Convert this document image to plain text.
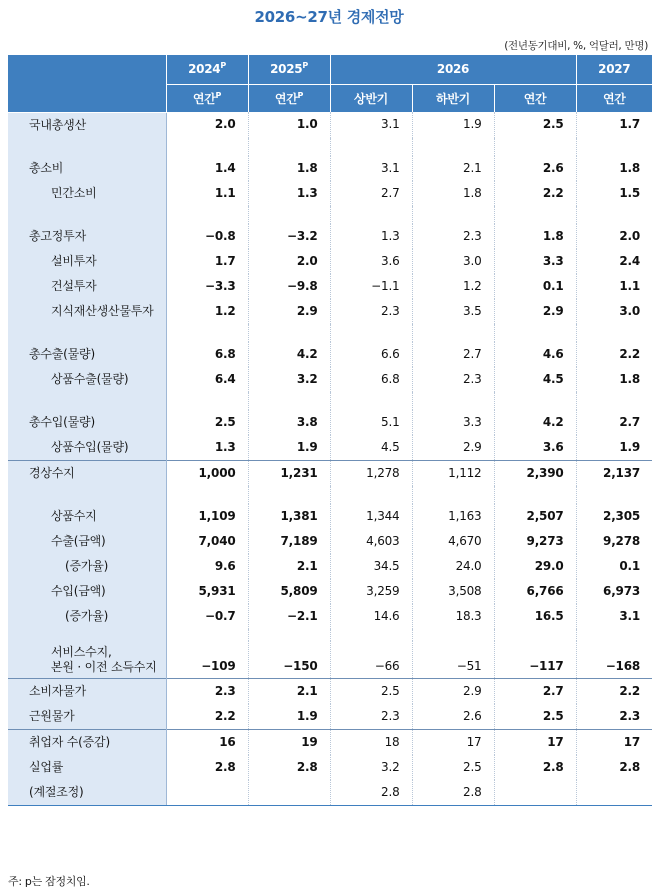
2026~27년 경제전망
(전년동기대비, %, 억달러, 만명)
	$2024^P$	$2025^P$	2026			2027
	연간$^P$	연간$^P$	상반기	하반기	연간	연간
국내총생산	2.0	1.0	3.1	1.9	2.5	1.7

총소비	1.4	1.8	3.1	2.1	2.6	1.8
민간소비	1.1	1.3	2.7	1.8	2.2	1.5

총고정투자	−0.8	−3.2	1.3	2.3	1.8	2.0
설비투자	1.7	2.0	3.6	3.0	3.3	2.4
건설투자	−3.3	−9.8	−1.1	1.2	0.1	1.1
지식재산생산물투자	1.2	2.9	2.3	3.5	2.9	3.0

총수출(물량)	6.8	4.2	6.6	2.7	4.6	2.2
상품수출(물량)	6.4	3.2	6.8	2.3	4.5	1.8

총수입(물량)	2.5	3.8	5.1	3.3	4.2	2.7
상품수입(물량)	1.3	1.9	4.5	2.9	3.6	1.9
경상수지	1,000	1,231	1,278	1,112	2,390	2,137

상품수지	1,109	1,381	1,344	1,163	2,507	2,305
수출(금액)	7,040	7,189	4,603	4,670	9,273	9,278
(증가율)	9.6	2.1	34.5	24.0	29.0	0.1
수입(금액)	5,931	5,809	3,259	3,508	6,766	6,973
(증가율)	−0.7	−2.1	14.6	18.3	16.5	3.1

서비스수지,
본원 · 이전 소득수지	−109	−150	−66	−51	−117	−168
소비자물가	2.3	2.1	2.5	2.9	2.7	2.2
근원물가	2.2	1.9	2.3	2.6	2.5	2.3
취업자 수(증감)	16	19	18	17	17	17
실업률	2.8	2.8	3.2	2.5	2.8	2.8
(계절조정)			2.8	2.8		
주: p는 잠정치임.
